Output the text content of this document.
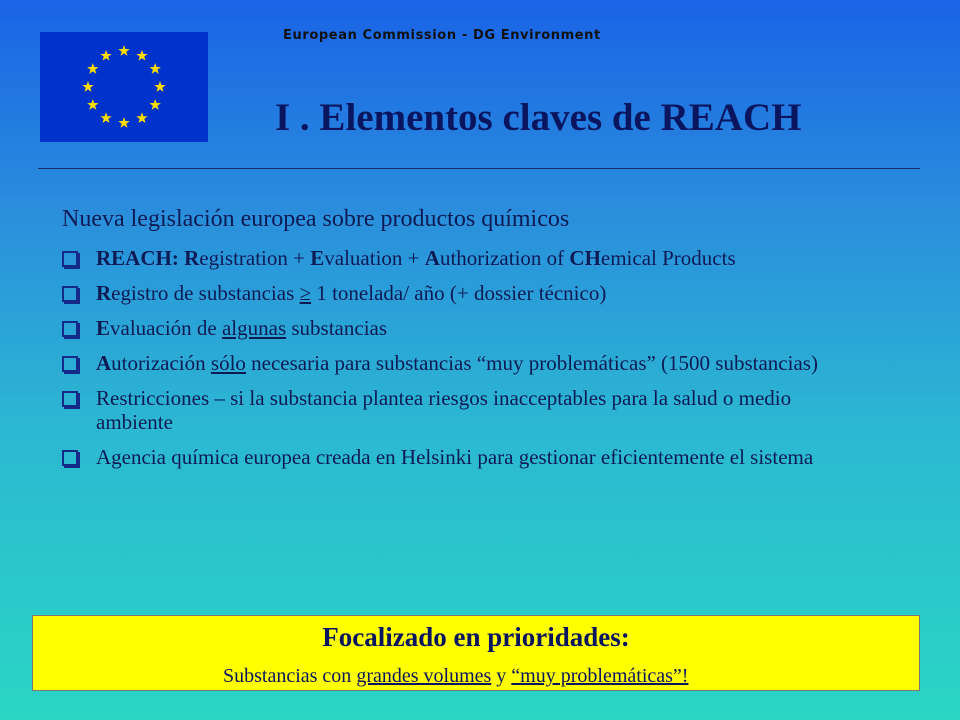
European Commission - DG Environment
I . Elementos claves de REACH
Nueva legislación europea sobre productos químicos
REACH: Registration + Evaluation + Authorization of CHemical Products
Registro de substancias ≥ 1 tonelada/ año (+ dossier técnico)
Evaluación de algunas substancias
Autorización sólo necesaria para substancias “muy problemáticas” (1500 substancias)
Restricciones – si la substancia plantea riesgos inacceptables para la salud o medio ambiente
Agencia química europea creada en Helsinki para gestionar eficientemente el sistema
Focalizado en prioridades:
Substancias con grandes volumes y “muy problemáticas”!
